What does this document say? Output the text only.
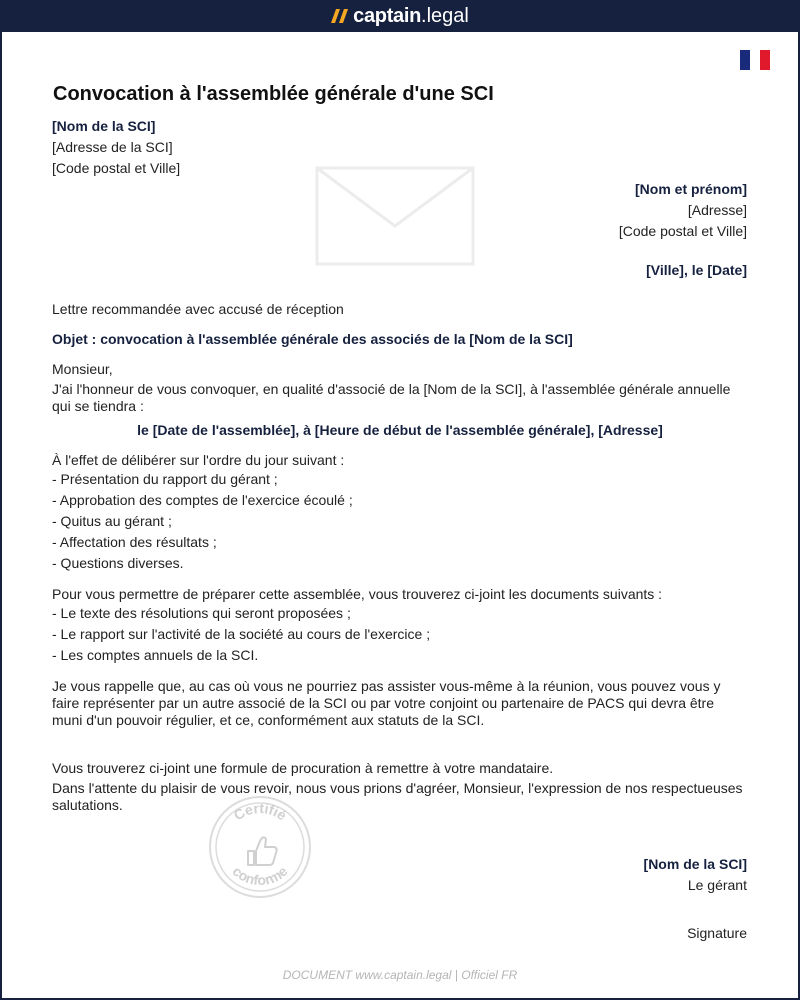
captain .legal
Convocation à l'assemblée générale d'une SCI
[Nom de la SCI]
[Adresse de la SCI]
[Code postal et Ville]
[Nom et prénom]
[Adresse]
[Code postal et Ville]
[Ville], le [Date]
Lettre recommandée avec accusé de réception
Objet : convocation à l'assemblée générale des associés de la [Nom de la SCI]
Monsieur,
J'ai l'honneur de vous convoquer, en qualité d'associé de la [Nom de la SCI], à l'assemblée générale annuelle qui se tiendra :
le [Date de l'assemblée], à [Heure de début de l'assemblée générale], [Adresse]
À l'effet de délibérer sur l'ordre du jour suivant :
- Présentation du rapport du gérant ;
- Approbation des comptes de l'exercice écoulé ;
- Quitus au gérant ;
- Affectation des résultats ;
- Questions diverses.
Pour vous permettre de préparer cette assemblée, vous trouverez ci-joint les documents suivants :
- Le texte des résolutions qui seront proposées ;
- Le rapport sur l'activité de la société au cours de l'exercice ;
- Les comptes annuels de la SCI.
Je vous rappelle que, au cas où vous ne pourriez pas assister vous-même à la réunion, vous pouvez vous y faire représenter par un autre associé de la SCI ou par votre conjoint ou partenaire de PACS qui devra être muni d'un pouvoir régulier, et ce, conformément aux statuts de la SCI.
Vous trouverez ci-joint une formule de procuration à remettre à votre mandataire.
Dans l'attente du plaisir de vous revoir, nous vous prions d'agréer, Monsieur, l'expression de nos respectueuses salutations.	Certifié
conforme	[Nom de la SCI]
Le gérant
Signature
DOCUMENT www.captain.legal | Officiel FR
